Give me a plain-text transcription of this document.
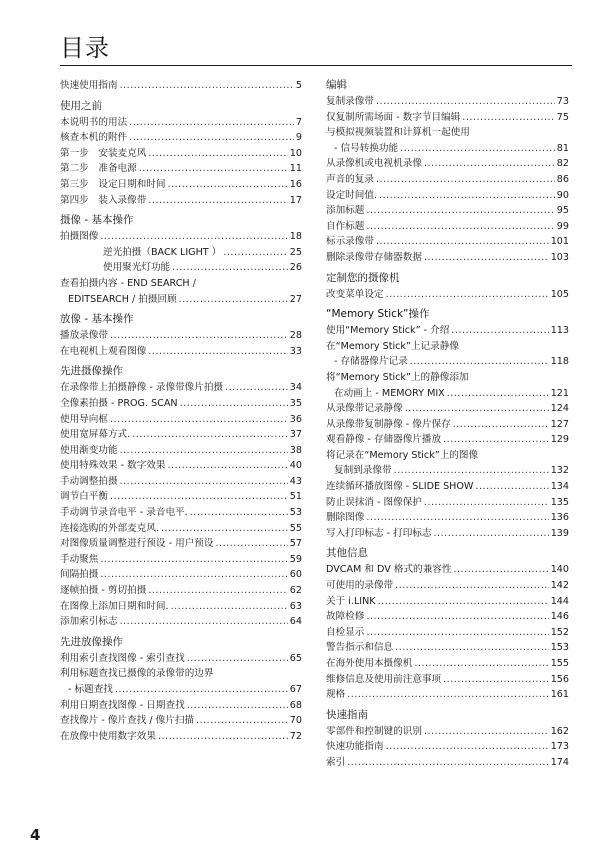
目录
快速使用指南 .....	5
使用之前
本说明书的用法 .....	7
核查本机的附件 .....	9
第一步　安装麦克风 .....	10
第二步　准备电源 .....	11
第三步　设定日期和时间 .....	16
第四步　装入录像带 .....	17
摄像 - 基本操作
拍摄图像 .....	18
逆光拍摄（BACK LIGHT ） .....	25
使用聚光灯功能 .....	26
查看拍摄内容 - END SEARCH /
EDITSEARCH / 拍摄回顾 .....	27
放像 - 基本操作
播放录像带 .....	28
在电视机上观看图像 .....	33
先进摄像操作
在录像带上拍摄静像 - 录像带像片拍摄 .....	34
全像素拍摄 - PROG. SCAN .....	35
使用导向框 .....	36
使用宽屏幕方式. .....	37
使用渐变功能 .....	38
使用特殊效果 - 数字效果 .....	40
手动调整拍摄 .....	43
调节白平衡 .....	51
手动调节录音电平 - 录音电平. .....	53
连接选购的外部麦克风. .....	55
对图像质量调整进行预设 - 用户预设 .....	57
手动聚焦 .....	59
间隔拍摄 .....	60
逐帧拍摄 - 剪切拍摄 .....	62
在图像上添加日期和时间. .....	63
添加索引标志 .....	64
先进放像操作
利用索引查找图像 - 索引查找 .....	65
利用标题查找已摄像的录像带的边界
- 标题查找 .....	67
利用日期查找图像 - 日期查找 .....	68
查找像片 - 像片查找 / 像片扫描 .....	70
在放像中使用数字效果 .....	72
编辑
复制录像带 .....	73
仅复制所需场面 - 数字节目编辑 .....	75
与模拟视频装置和计算机一起使用
- 信号转换功能 .....	81
从录像机或电视机录像 .....	82
声音的复录 .....	86
设定时间值. .....	90
添加标题 .....	95
自作标题 .....	99
标示录像带 .....	101
删除录像带存储器数据 .....	103
定制您的摄像机
改变菜单设定 .....	105
“Memory Stick”操作
使用“Memory Stick” - 介绍 .....	113
在“Memory Stick”上记录静像
- 存储器像片记录 .....	118
将“Memory Stick”上的静像添加
在动画上 - MEMORY MIX .....	121
从录像带记录静像 .....	124
从录像带复制静像 - 像片保存 .....	127
观看静像 - 存储器像片播放 .....	129
将记录在“Memory Stick”上的图像
复制到录像带 .....	132
连续循环播放图像 - SLIDE SHOW .....	134
防止误抹消 - 图像保护 .....	135
删除图像 .....	136
写入打印标志 - 打印标志 .....	139
其他信息
DVCAM 和 DV 格式的兼容性 .....	140
可使用的录像带 .....	142
关于 i.LINK .....	144
故障检修 .....	146
自检显示 .....	152
警告指示和信息 .....	153
在海外使用本摄像机 .....	155
维修信息及使用前注意事项 .....	156
规格 .....	161
快速指南
零部件和控制键的识别 .....	162
快速功能指南 .....	173
索引 .....	174
4
